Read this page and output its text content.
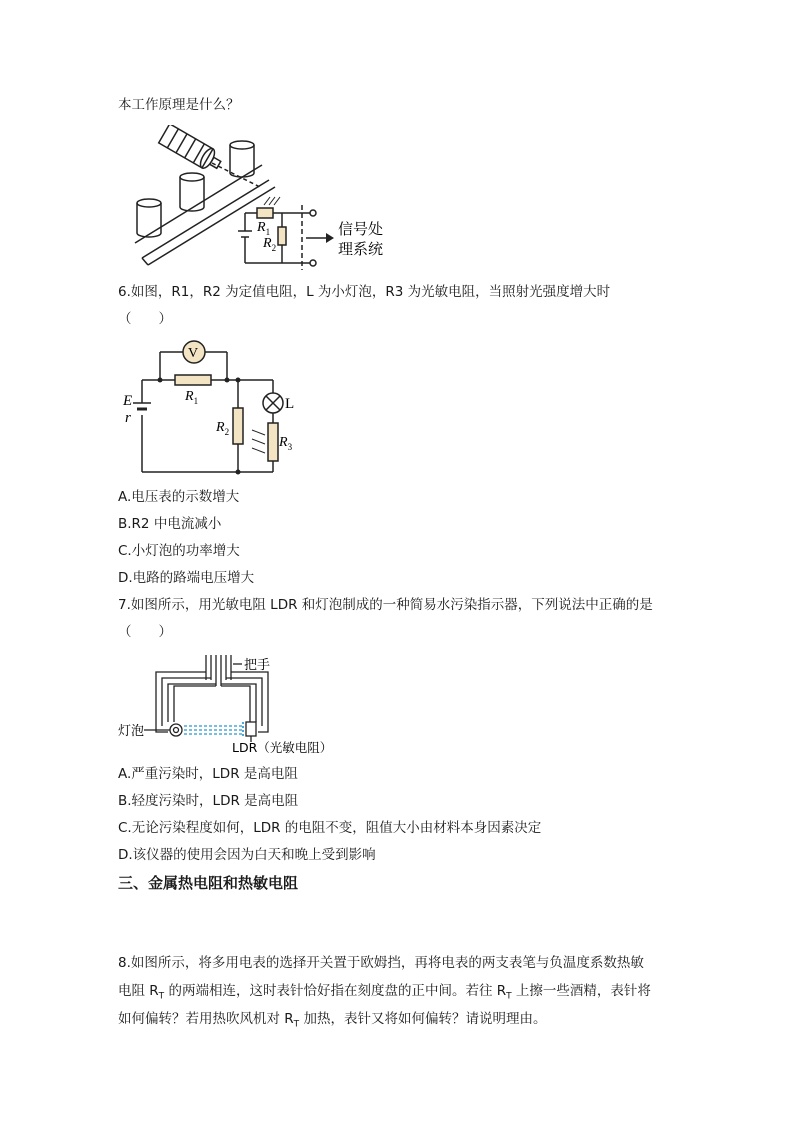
本工作原理是什么？
$R_1$
$R_2$
信号处
理系统
6.如图，R1，R2 为定值电阻，L 为小灯泡，R3 为光敏电阻，当照射光强度增大时
（　　）
V
E
r
$R_1$
$R_2$
$R_3$
L
A.电压表的示数增大
B.R2 中电流减小
C.小灯泡的功率增大
D.电路的路端电压增大
7.如图所示，用光敏电阻 LDR 和灯泡制成的一种简易水污染指示器，下列说法中正确的是
（　　）
把手
灯泡
LDR（光敏电阻）
A.严重污染时，LDR 是高电阻
B.轻度污染时，LDR 是高电阻
C.无论污染程度如何，LDR 的电阻不变，阻值大小由材料本身因素决定
D.该仪器的使用会因为白天和晚上受到影响
三、金属热电阻和热敏电阻
8.如图所示，将多用电表的选择开关置于欧姆挡，再将电表的两支表笔与负温度系数热敏
电阻 $R_T$ 的两端相连，这时表针恰好指在刻度盘的正中间。若往 $R_T$ 上擦一些酒精，表针将
如何偏转？若用热吹风机对 $R_T$ 加热，表针又将如何偏转？请说明理由。
